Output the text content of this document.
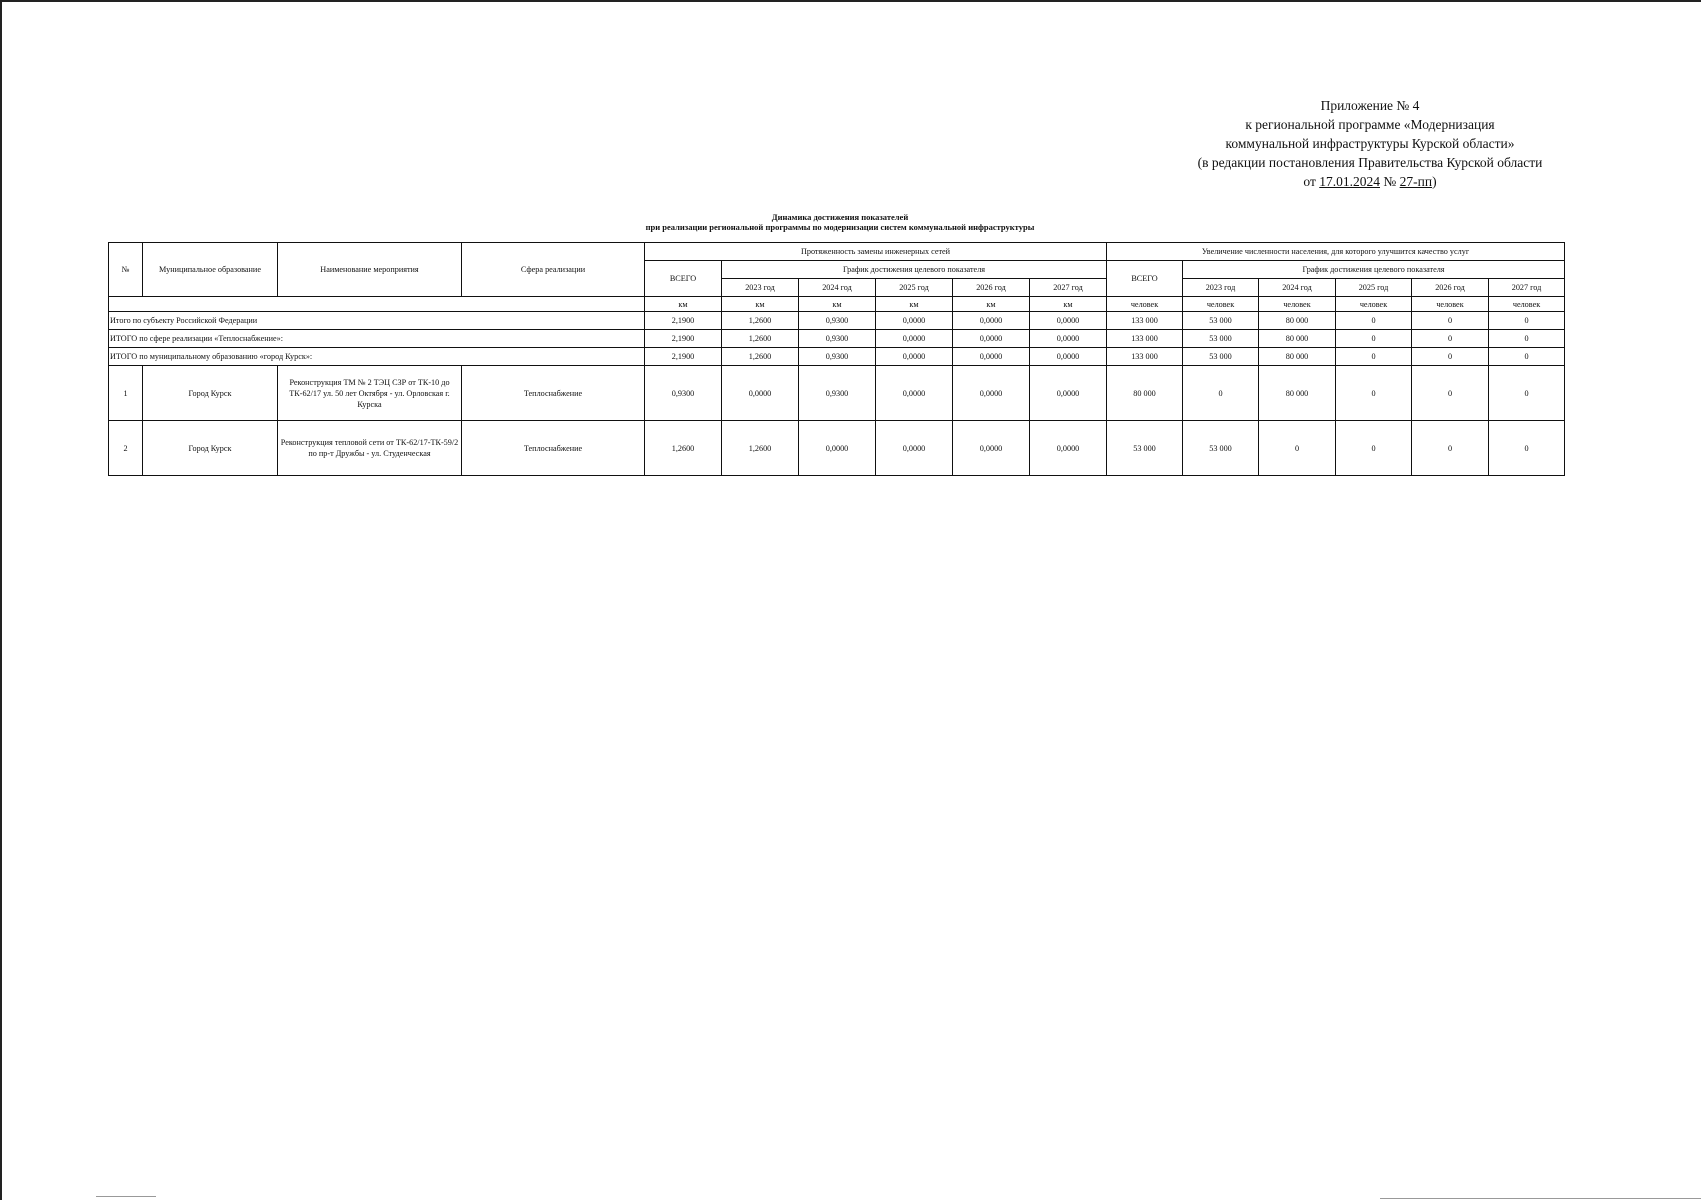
Приложение № 4
к региональной программе «Модернизация
коммунальной инфраструктуры Курской области»
(в редакции постановления Правительства Курской области
от 17.01.2024 № 27-пп)
Динамика достижения показателей
при реализации региональной программы по модернизации систем коммунальной инфраструктуры
№	Муниципальное образование	Наименование мероприятия	Сфера реализации	Протяженность замены инженерных сетей						Увеличение численности населения, для которого улучшится качество услуг					
				ВСЕГО	График достижения целевого показателя					ВСЕГО	График достижения целевого показателя				
					2023 год	2024 год	2025 год	2026 год	2027 год		2023 год	2024 год	2025 год	2026 год	2027 год
				км	км	км	км	км	км	человек	человек	человек	человек	человек	человек
Итого по субъекту Российской Федерации				2,1900	1,2600	0,9300	0,0000	0,0000	0,0000	133 000	53 000	80 000	0	0	0
ИТОГО по сфере реализации «Теплоснабжение»:				2,1900	1,2600	0,9300	0,0000	0,0000	0,0000	133 000	53 000	80 000	0	0	0
ИТОГО по муниципальному образованию «город Курск»:				2,1900	1,2600	0,9300	0,0000	0,0000	0,0000	133 000	53 000	80 000	0	0	0
1	Город Курск	Реконструкция ТМ № 2 ТЭЦ СЗР от ТК-10 до ТК-62/17 ул. 50 лет Октября - ул. Орловская г. Курска	Теплоснабжение	0,9300	0,0000	0,9300	0,0000	0,0000	0,0000	80 000	0	80 000	0	0	0
2	Город Курск	Реконструкция тепловой сети от ТК-62/17-ТК-59/2 по пр-т Дружбы - ул. Студенческая	Теплоснабжение	1,2600	1,2600	0,0000	0,0000	0,0000	0,0000	53 000	53 000	0	0	0	0
